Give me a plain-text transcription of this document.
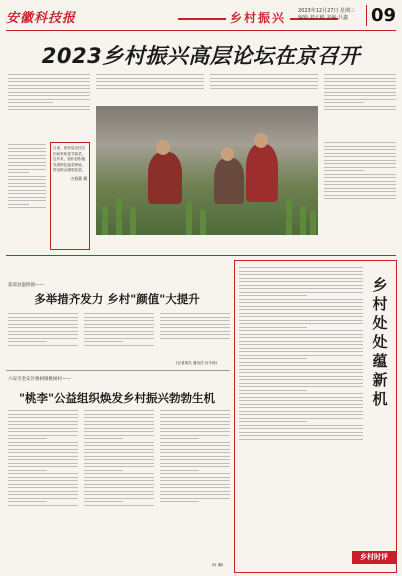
安徽科技报	乡村振兴	2023年12月27日 星期三
编辑:刘大樟 美编:吕鑫	09
2023乡村振兴高层论坛在京召开
日前，宿松县农民在田间采收春节蔬菜。近年来，宿松县积极发展特色蔬菜种植，带动群众增收致富。
万春燕 摄
霍邱县温桥镇——
多举措齐发力 乡村"颜值"大提升
(记者周杰 通讯员 付宇林)
六安市金安区椿树镇桃树村——
"桃李"公益组织焕发乡村振兴勃勃生机
(叶 鹏)
乡村处处蕴新机
乡村时评
